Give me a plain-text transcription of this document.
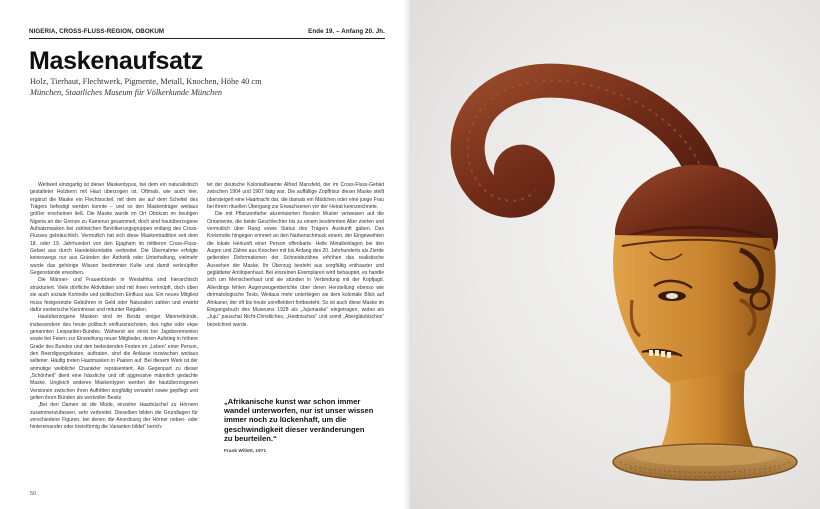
NIGERIA, CROSS-FLUSS-REGION, OBOKUM	Ende 19. – Anfang 20. Jh.
Maskenaufsatz
Holz, Tierhaut, Flechtwerk, Pigmente, Metall, Knochen, Höhe 40 cm
München, Staatliches Museum für Völkerkunde München

Weltweit einzigartig ist dieser Maskentypus, bei dem ein naturalistisch gestalteter Holzkern mit Haut überzogen ist. Oftmals, wie auch hier, ergänzt die Maske ein Flechtsockel, mit dem sie auf dem Scheitel des Trägers befestigt werden konnte – und so den Maskenträger weitaus größer erscheinen ließ. Die Maske wurde im Ort Obokum im heutigen Nigeria an der Grenze zu Kamerun gesammelt, doch sind hautüberzogene Aufsatzmasken bei zahlreichen Bevölkerungsgruppen entlang des Cross-Flusses gebräuchlich. Vermutlich hat sich diese Maskentradition seit dem 18. oder 19. Jahrhundert von den Ejagham im mittleren Cross-Fluss-Gebiet aus durch Handelskontakte verbreitet. Die Übernahme erfolgte keineswegs nur aus Gründen der Ästhetik oder Unterhaltung, vielmehr wurde das gehörige Wissen bestimmter Kulte und damit verknüpfter Gegenstände erworben.

Die Männer- und Frauenbünde in Westafrika sind hierarchisch strukturiert. Viele dörfliche Aktivitäten sind mit ihnen verknüpft, doch üben sie auch soziale Kontrolle und politischen Einfluss aus. Ein neues Mitglied muss festgesetzte Gebühren in Geld oder Naturalien zahlen und erwirbt dafür esoterische Kenntnisse und mitunter Regalien.

Hautüberzogene Masken sind im Besitz einiger Männerbünde, insbesondere des heute politisch einflussreichsten, des ngbe oder ekpe genannten Leoparden-Bundes. Während sie einst bei Jagdzeremonien sowie bei Feiern zur Einweihung neuer Mitglieder, deren Aufstieg in höhere Grade des Bundes und den bedeutenden Festen im „Leben“ einer Person, den Beerdigungsfesten, auftraten, sind die Anlässe inzwischen weitaus seltener. Häufig treten Hautmasken in Paaren auf. Bei diesem Werk ist der anmutige weibliche Charakter repräsentiert. Als Gegenpart zu dieser „Schönheit“ dient eine hässliche und oft aggressive männlich gedachte Maske. Ungleich anderen Maskentypen werden die hautüberzogenen Versionen zwischen ihren Auftritten sorgfältig verwahrt sowie gepflegt und gelten ihren Bünden als wertvoller Besitz.

„Bei den Damen ist die Mode, einzelne Haarbüschel zu Hörnern zusammenzufassen, sehr verbreitet. Dieselben bilden die Grundlagen für verschiedene Figuren, bei denen die Anordnung der Hörner neben- oder hintereinander oder kreisförmig die Varianten bildet“ berich-

tet der deutsche Kolonialbeamte Alfred Mansfeld, der im Cross-Fluss-Gebiet zwischen 1904 und 1907 tätig war. Die auffällige Zopffrisur dieser Maske stellt übersteigert eine Haartracht dar, die damals ein Mädchen oder eine junge Frau bei ihrem rituellen Übergang zur Erwachsenen vor der Heirat kennzeichnete.

Die mit Pflanzenfarbe akzentuierten floralen Muster verweisen auf die Ornamente, die beide Geschlechter bis zu einem bestimmten Alter zierten und vermutlich über Rang sowie Status des Trägers Auskunft gaben. Das Kreismotiv hingegen erinnert an den Narbenschmuck einem, der Eingeweihten die lokale Herkunft einer Person offenbarte. Helle Metalleinlagen bei den Augen und Zähne aus Knochen mit bis Anfang des 20. Jahrhunderts als Zierde geltenden Deformationen der Schneidezähne erhöhen das realistische Aussehen der Maske. Ihr Überzug besteht aus sorgfältig enthaarter und geglätteter Antilopenhaut. Bei einzelnen Exemplaren wird behauptet, es handle sich um Menschenhaut und sie stünden in Verbindung mit der Kopfjagd. Allerdings fehlen Augenzeugenberichte über deren Herstellung ebenso wie dermatologische Tests. Weitaus mehr unterliegen sie dem koloniale Blick auf Afrikaner, der oft bis heute unreflektiert fortbesteht. So ist auch diese Maske im Eingangsbuch des Museums 1928 als „Jujumaske“ eingetragen, wobei als „Juju“ pauschal Nicht-Christliches, „Heidnisches“ und somit „Abergläubisches“ bezeichnet wurde.

„Afrikanische kunst war schon immer wandel unterworfen, nur ist unser wissen immer noch zu lückenhaft, um die geschwindigkeit dieser veränderungen zu beurteilen.“

Frank Willett, 1971
50
